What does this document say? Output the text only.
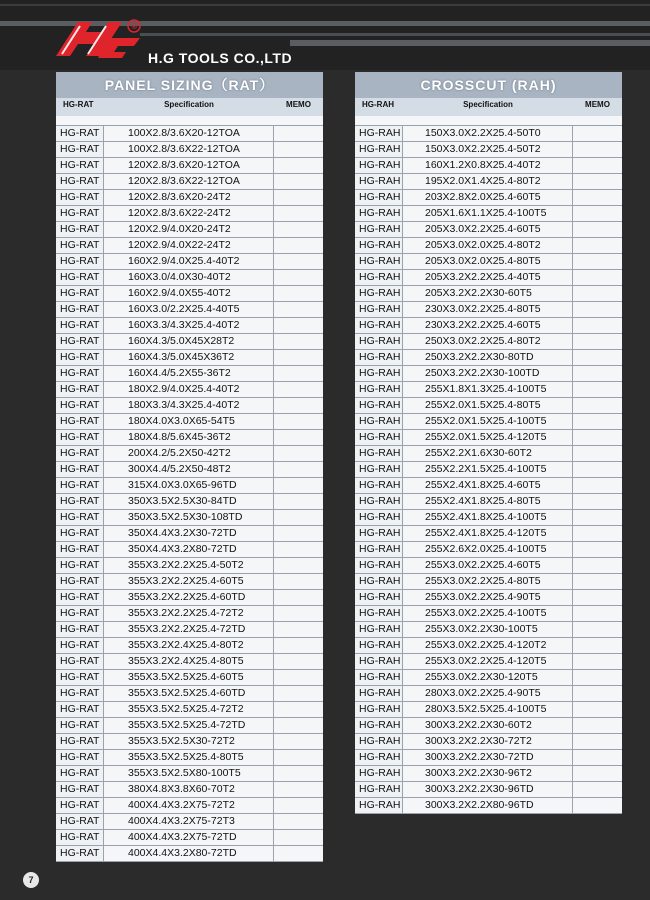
®
H.G TOOLS CO.,LTD
PANEL SIZING（RAT）
HG-RAT	Specification	MEMO
HG-RAT	100X2.8/3.6X20-12TOA
HG-RAT	100X2.8/3.6X22-12TOA
HG-RAT	120X2.8/3.6X20-12TOA
HG-RAT	120X2.8/3.6X22-12TOA
HG-RAT	120X2.8/3.6X20-24T2
HG-RAT	120X2.8/3.6X22-24T2
HG-RAT	120X2.9/4.0X20-24T2
HG-RAT	120X2.9/4.0X22-24T2
HG-RAT	160X2.9/4.0X25.4-40T2
HG-RAT	160X3.0/4.0X30-40T2
HG-RAT	160X2.9/4.0X55-40T2
HG-RAT	160X3.0/2.2X25.4-40T5
HG-RAT	160X3.3/4.3X25.4-40T2
HG-RAT	160X4.3/5.0X45X28T2
HG-RAT	160X4.3/5.0X45X36T2
HG-RAT	160X4.4/5.2X55-36T2
HG-RAT	180X2.9/4.0X25.4-40T2
HG-RAT	180X3.3/4.3X25.4-40T2
HG-RAT	180X4.0X3.0X65-54T5
HG-RAT	180X4.8/5.6X45-36T2
HG-RAT	200X4.2/5.2X50-42T2
HG-RAT	300X4.4/5.2X50-48T2
HG-RAT	315X4.0X3.0X65-96TD
HG-RAT	350X3.5X2.5X30-84TD
HG-RAT	350X3.5X2.5X30-108TD
HG-RAT	350X4.4X3.2X30-72TD
HG-RAT	350X4.4X3.2X80-72TD
HG-RAT	355X3.2X2.2X25.4-50T2
HG-RAT	355X3.2X2.2X25.4-60T5
HG-RAT	355X3.2X2.2X25.4-60TD
HG-RAT	355X3.2X2.2X25.4-72T2
HG-RAT	355X3.2X2.2X25.4-72TD
HG-RAT	355X3.2X2.4X25.4-80T2
HG-RAT	355X3.2X2.4X25.4-80T5
HG-RAT	355X3.5X2.5X25.4-60T5
HG-RAT	355X3.5X2.5X25.4-60TD
HG-RAT	355X3.5X2.5X25.4-72T2
HG-RAT	355X3.5X2.5X25.4-72TD
HG-RAT	355X3.5X2.5X30-72T2
HG-RAT	355X3.5X2.5X25.4-80T5
HG-RAT	355X3.5X2.5X80-100T5
HG-RAT	380X4.8X3.8X60-70T2
HG-RAT	400X4.4X3.2X75-72T2
HG-RAT	400X4.4X3.2X75-72T3
HG-RAT	400X4.4X3.2X75-72TD
HG-RAT	400X4.4X3.2X80-72TD
CROSSCUT (RAH)
HG-RAH	Specification	MEMO
HG-RAH	150X3.0X2.2X25.4-50T0
HG-RAH	150X3.0X2.2X25.4-50T2
HG-RAH	160X1.2X0.8X25.4-40T2
HG-RAH	195X2.0X1.4X25.4-80T2
HG-RAH	203X2.8X2.0X25.4-60T5
HG-RAH	205X1.6X1.1X25.4-100T5
HG-RAH	205X3.0X2.2X25.4-60T5
HG-RAH	205X3.0X2.0X25.4-80T2
HG-RAH	205X3.0X2.0X25.4-80T5
HG-RAH	205X3.2X2.2X25.4-40T5
HG-RAH	205X3.2X2.2X30-60T5
HG-RAH	230X3.0X2.2X25.4-80T5
HG-RAH	230X3.2X2.2X25.4-60T5
HG-RAH	250X3.0X2.2X25.4-80T2
HG-RAH	250X3.2X2.2X30-80TD
HG-RAH	250X3.2X2.2X30-100TD
HG-RAH	255X1.8X1.3X25.4-100T5
HG-RAH	255X2.0X1.5X25.4-80T5
HG-RAH	255X2.0X1.5X25.4-100T5
HG-RAH	255X2.0X1.5X25.4-120T5
HG-RAH	255X2.2X1.6X30-60T2
HG-RAH	255X2.2X1.5X25.4-100T5
HG-RAH	255X2.4X1.8X25.4-60T5
HG-RAH	255X2.4X1.8X25.4-80T5
HG-RAH	255X2.4X1.8X25.4-100T5
HG-RAH	255X2.4X1.8X25.4-120T5
HG-RAH	255X2.6X2.0X25.4-100T5
HG-RAH	255X3.0X2.2X25.4-60T5
HG-RAH	255X3.0X2.2X25.4-80T5
HG-RAH	255X3.0X2.2X25.4-90T5
HG-RAH	255X3.0X2.2X25.4-100T5
HG-RAH	255X3.0X2.2X30-100T5
HG-RAH	255X3.0X2.2X25.4-120T2
HG-RAH	255X3.0X2.2X25.4-120T5
HG-RAH	255X3.0X2.2X30-120T5
HG-RAH	280X3.0X2.2X25.4-90T5
HG-RAH	280X3.5X2.5X25.4-100T5
HG-RAH	300X3.2X2.2X30-60T2
HG-RAH	300X3.2X2.2X30-72T2
HG-RAH	300X3.2X2.2X30-72TD
HG-RAH	300X3.2X2.2X30-96T2
HG-RAH	300X3.2X2.2X30-96TD
HG-RAH	300X3.2X2.2X80-96TD
7
